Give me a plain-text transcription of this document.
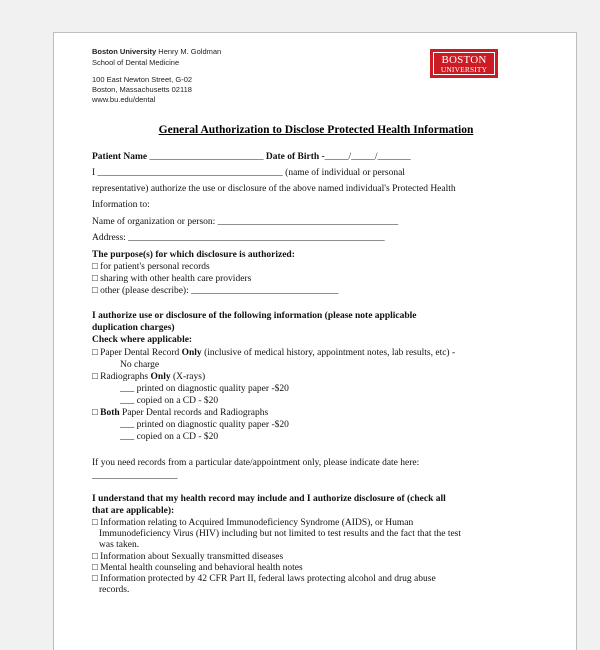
Boston University Henry M. Goldman
School of Dental Medicine
100 East Newton Street, G-02
Boston, Massachusetts 02118
www.bu.edu/dental
BOSTON
UNIVERSITY
General Authorization to Disclose Protected Health Information
Patient Name ________________________ Date of Birth -_____/_____/_______
I _______________________________________ (name of individual or personal
representative) authorize the use or disclosure of the above named individual's Protected Health
Information to:
Name of organization or person: ______________________________________
Address: ______________________________________________________
The purpose(s) for which disclosure is authorized:
□ for patient's personal records
□ sharing with other health care providers
□ other (please describe): _______________________________
I authorize use or disclosure of the following information (please note applicable
duplication charges)
Check where applicable:
□ Paper Dental Record Only (inclusive of medical history, appointment notes, lab results, etc) -
No charge
□ Radiographs Only (X-rays)
___ printed on diagnostic quality paper -$20
___ copied on a CD - $20
□ Both Paper Dental records and Radiographs
___ printed on diagnostic quality paper -$20
___ copied on a CD - $20
If you need records from a particular date/appointment only, please indicate date here:
__________________
I understand that my health record may include and I authorize disclosure of (check all
that are applicable):
□ Information relating to Acquired Immunodeficiency Syndrome (AIDS), or Human
Immunodeficiency Virus (HIV) including but not limited to test results and the fact that the test
was taken.
□ Information about Sexually transmitted diseases
□ Mental health counseling and behavioral health notes
□ Information protected by 42 CFR Part II, federal laws protecting alcohol and drug abuse
records.
